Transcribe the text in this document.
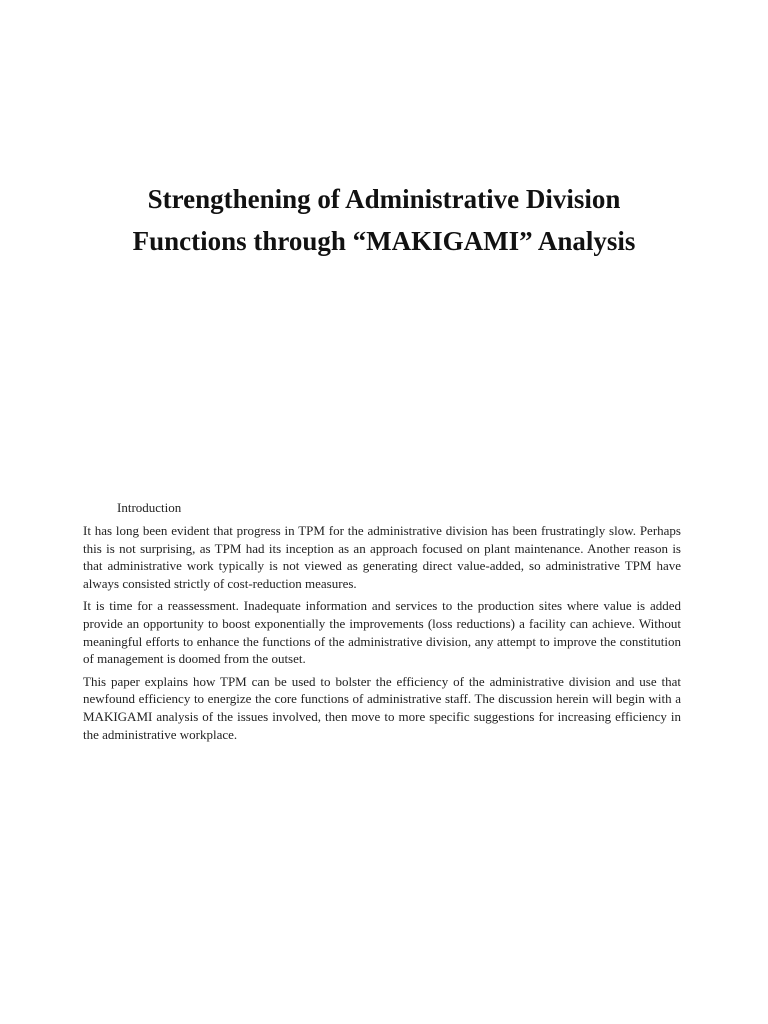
Strengthening of Administrative Division
Functions through “MAKIGAMI” Analysis
Introduction

It has long been evident that progress in TPM for the administrative division has been frustratingly slow. Perhaps this is not surprising, as TPM had its inception as an approach focused on plant maintenance. Another reason is that administrative work typically is not viewed as generating direct value-added, so administrative TPM have always consisted strictly of cost-reduction measures.

It is time for a reassessment. Inadequate information and services to the production sites where value is added provide an opportunity to boost exponentially the improvements (loss reductions) a facility can achieve. Without meaningful efforts to enhance the functions of the administrative division, any attempt to improve the constitution of management is doomed from the outset.

This paper explains how TPM can be used to bolster the efficiency of the administrative division and use that newfound efficiency to energize the core functions of administrative staff. The discussion herein will begin with a MAKIGAMI analysis of the issues involved, then move to more specific suggestions for increasing efficiency in the administrative workplace.
